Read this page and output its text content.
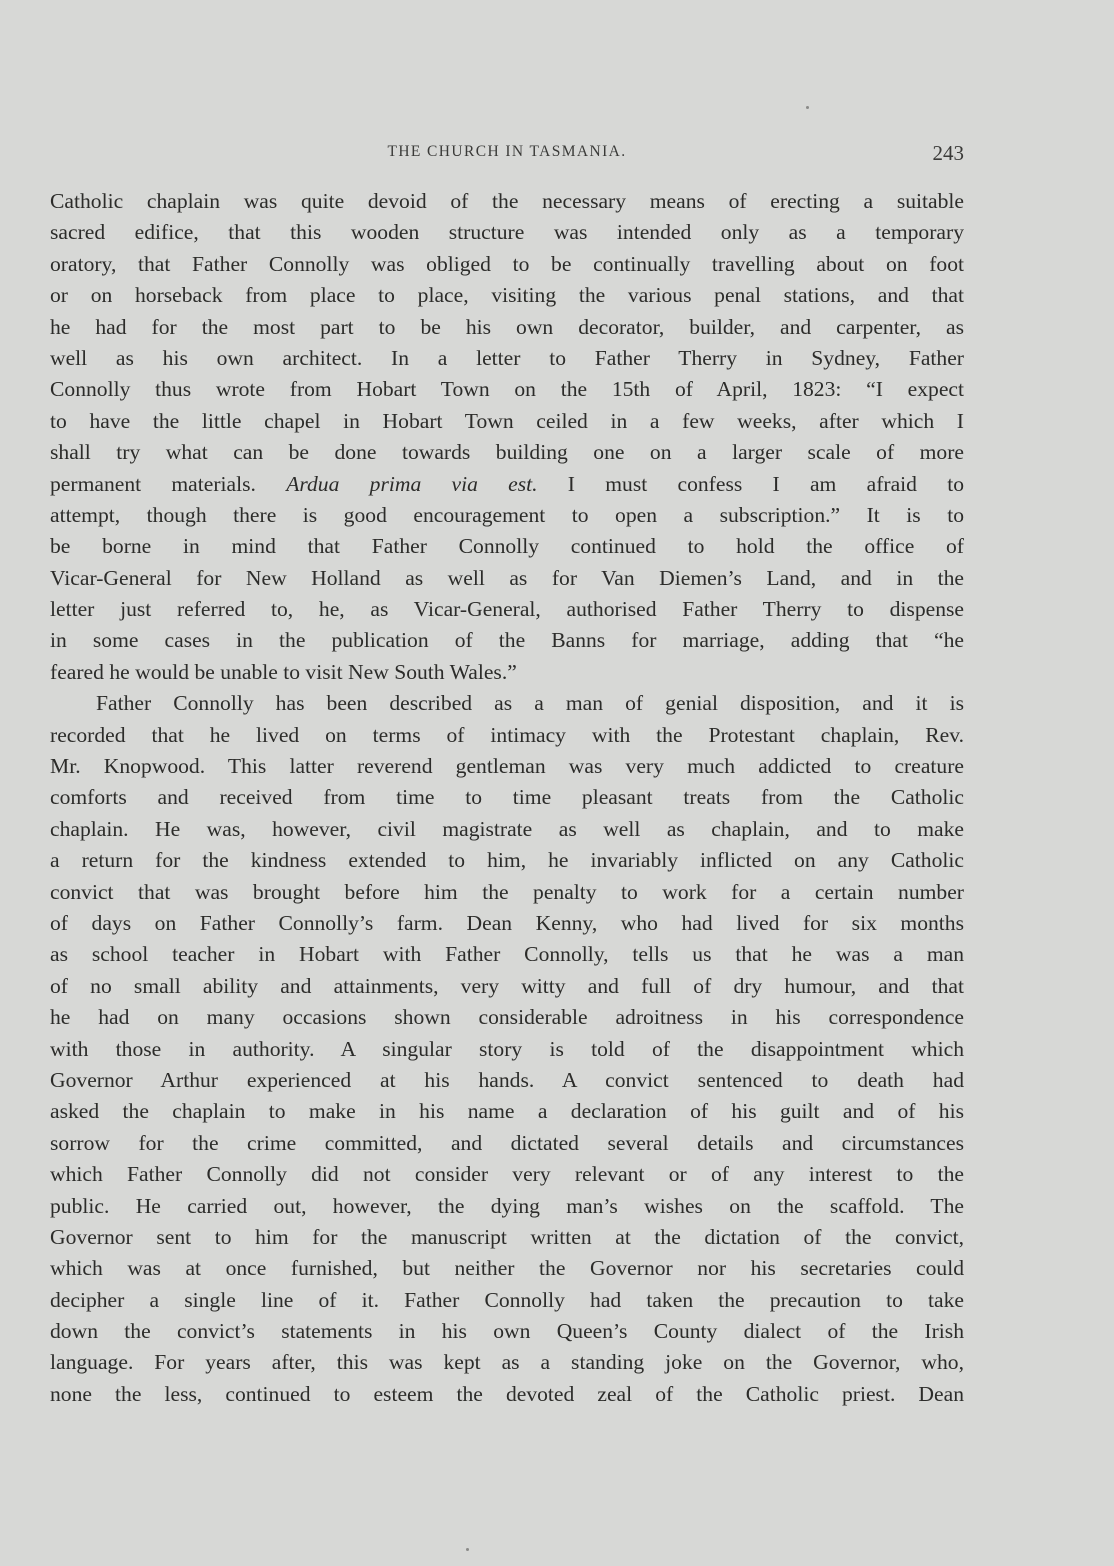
THE CHURCH IN TASMANIA.	243
Catholic chaplain was quite devoid of the necessary means of erecting a suitable
sacred edifice, that this wooden structure was intended only as a temporary
oratory, that Father Connolly was obliged to be continually travelling about on foot
or on horseback from place to place, visiting the various penal stations, and that
he had for the most part to be his own decorator, builder, and carpenter, as
well as his own architect. In a letter to Father Therry in Sydney, Father
Connolly thus wrote from Hobart Town on the 15th of April, 1823: “I expect
to have the little chapel in Hobart Town ceiled in a few weeks, after which I
shall try what can be done towards building one on a larger scale of more
permanent materials. Ardua prima via est. I must confess I am afraid to
attempt, though there is good encouragement to open a subscription.” It is to
be borne in mind that Father Connolly continued to hold the office of
Vicar-General for New Holland as well as for Van Diemen’s Land, and in the
letter just referred to, he, as Vicar-General, authorised Father Therry to dispense
in some cases in the publication of the Banns for marriage, adding that “he
feared he would be unable to visit New South Wales.”
Father Connolly has been described as a man of genial disposition, and it is
recorded that he lived on terms of intimacy with the Protestant chaplain, Rev.
Mr. Knopwood. This latter reverend gentleman was very much addicted to creature
comforts and received from time to time pleasant treats from the Catholic
chaplain. He was, however, civil magistrate as well as chaplain, and to make
a return for the kindness extended to him, he invariably inflicted on any Catholic
convict that was brought before him the penalty to work for a certain number
of days on Father Connolly’s farm. Dean Kenny, who had lived for six months
as school teacher in Hobart with Father Connolly, tells us that he was a man
of no small ability and attainments, very witty and full of dry humour, and that
he had on many occasions shown considerable adroitness in his correspondence
with those in authority. A singular story is told of the disappointment which
Governor Arthur experienced at his hands. A convict sentenced to death had
asked the chaplain to make in his name a declaration of his guilt and of his
sorrow for the crime committed, and dictated several details and circumstances
which Father Connolly did not consider very relevant or of any interest to the
public. He carried out, however, the dying man’s wishes on the scaffold. The
Governor sent to him for the manuscript written at the dictation of the convict,
which was at once furnished, but neither the Governor nor his secretaries could
decipher a single line of it. Father Connolly had taken the precaution to take
down the convict’s statements in his own Queen’s County dialect of the Irish
language. For years after, this was kept as a standing joke on the Governor, who,
none the less, continued to esteem the devoted zeal of the Catholic priest. Dean
